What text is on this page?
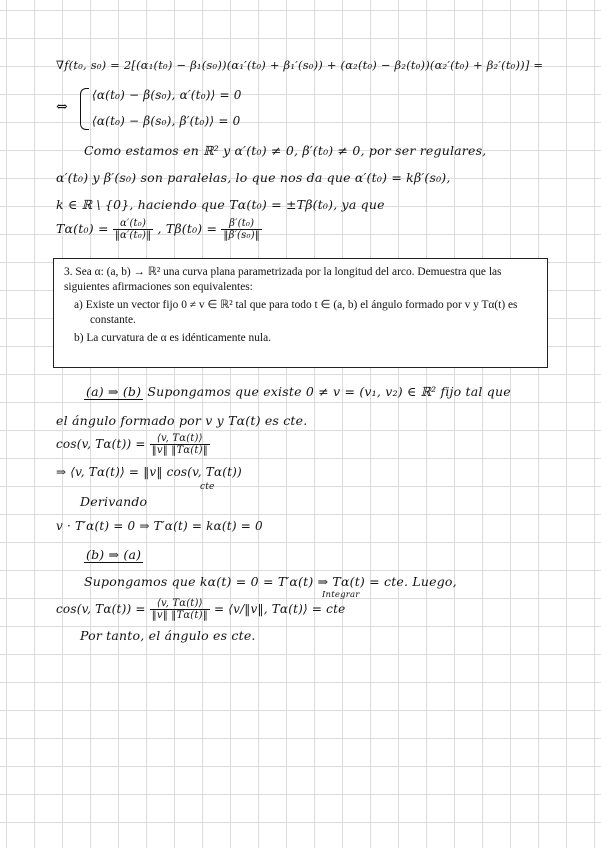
∇f(t₀, s₀) = 2[(α₁(t₀) − β₁(s₀))(α₁′(t₀) + β₁′(s₀)) + (α₂(t₀) − β₂(t₀))(α₂′(t₀) + β₂′(t₀))] =
⇔
⟨α(t₀) − β(s₀), α′(t₀)⟩ = 0
⟨α(t₀) − β(s₀), β′(t₀)⟩ = 0
Como estamos en ℝ² y α′(t₀) ≠ 0, β′(t₀) ≠ 0, por ser regulares,
α′(t₀) y β′(s₀) son paralelas, lo que nos da que α′(t₀) = kβ′(s₀),
k ∈ ℝ \ {0}, haciendo que Tα(t₀) = ±Tβ(t₀), ya que
$T\alpha(t_0) = \frac{\text{α′(t₀)}}{\text{‖α′(t₀)‖}}$ , $T\beta(t_0) = \frac{\text{β′(t₀)}}{\text{‖β′(s₀)‖}}$

3. Sea α: (a, b) → ℝ² una curva plana parametrizada por la longitud del arco. Demuestra que las siguientes afirmaciones son equivalentes:

a) Existe un vector fijo 0 ≠ v ∈ ℝ² tal que para todo t ∈ (a, b) el ángulo formado por v y Tα(t) es constante.

b) La curvatura de α es idénticamente nula.

(a) ⇒ (b) Supongamos que existe 0 ≠ v = (v₁, v₂) ∈ ℝ² fijo tal que
el ángulo formado por v y Tα(t) es cte.
cos(v, $T\alpha(t)) = \frac{⟨v, T\alpha(t)⟩}{‖v‖ ‖T\alpha(t)‖}$
⇒ ⟨v, Tα(t)⟩ = ‖v‖ cos(v, Tα(t))
cte
Derivando
v · T′α(t) = 0 ⇒ T′α(t) = kα(t) = 0
(b) ⇒ (a)
Supongamos que kα(t) = 0 = T′α(t) ⇒ Tα(t) = cte. Luego,
Integrar
cos(v, $T\alpha(t)) = \frac{⟨v, T\alpha(t)⟩}{‖v‖ ‖T\alpha(t)‖}$ = ⟨v/‖v‖, Tα(t)⟩ = cte
Por tanto, el ángulo es cte.
